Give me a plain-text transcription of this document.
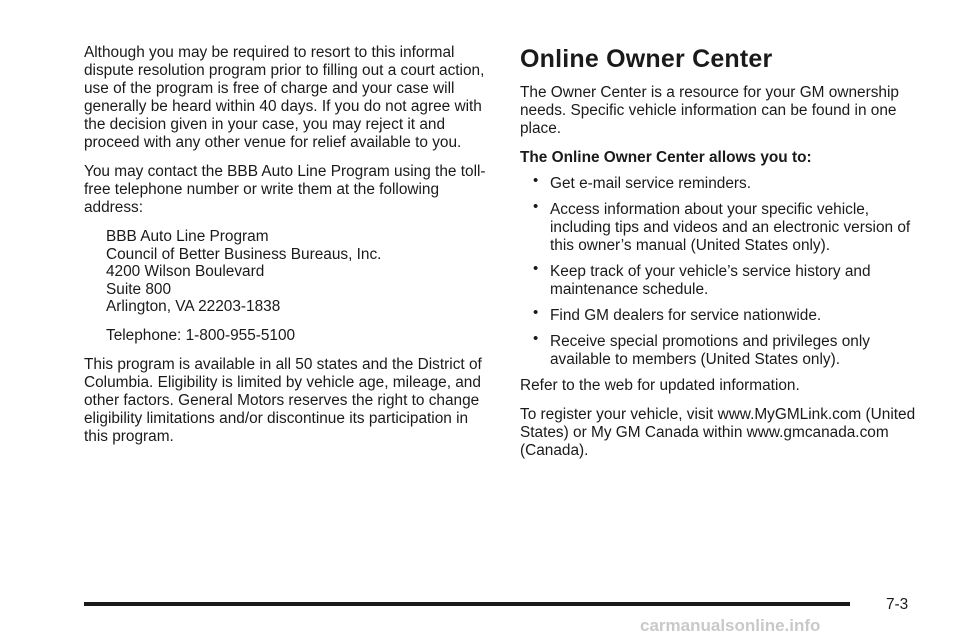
Although you may be required to resort to this informal dispute resolution program prior to filling out a court action, use of the program is free of charge and your case will generally be heard within 40 days. If you do not agree with the decision given in your case, you may reject it and proceed with any other venue for relief available to you.

You may contact the BBB Auto Line Program using the toll-free telephone number or write them at the following address:

BBB Auto Line Program
Council of Better Business Bureaus, Inc.
4200 Wilson Boulevard
Suite 800
Arlington, VA 22203-1838
Telephone: 1-800-955-5100

This program is available in all 50 states and the District of Columbia. Eligibility is limited by vehicle age, mileage, and other factors. General Motors reserves the right to change eligibility limitations and/or discontinue its participation in this program.

Online Owner Center

The Owner Center is a resource for your GM ownership needs. Specific vehicle information can be found in one place.

The Online Owner Center allows you to:

• Get e-mail service reminders.
• Access information about your specific vehicle, including tips and videos and an electronic version of this owner’s manual (United States only).
• Keep track of your vehicle’s service history and maintenance schedule.
• Find GM dealers for service nationwide.
• Receive special promotions and privileges only available to members (United States only).

Refer to the web for updated information.

To register your vehicle, visit www.MyGMLink.com (United States) or My GM Canada within www.gmcanada.com (Canada).

7-3
carmanualsonline.info
